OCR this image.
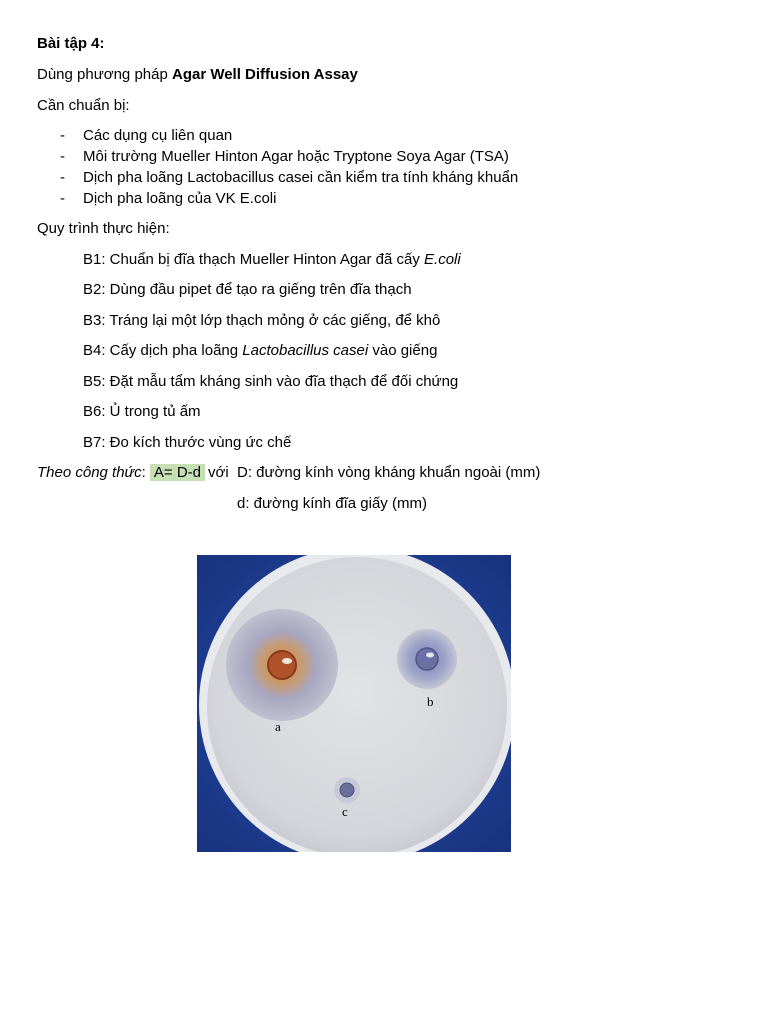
Bài tập 4:
Dùng phương pháp Agar Well Diffusion Assay
Cần chuẩn bị:
- Các dụng cụ liên quan
- Môi trường Mueller Hinton Agar hoặc Tryptone Soya Agar (TSA)
- Dịch pha loãng Lactobacillus casei cần kiểm tra tính kháng khuẩn
- Dịch pha loãng của VK E.coli
Quy trình thực hiện:
B1: Chuẩn bị đĩa thạch Mueller Hinton Agar đã cấy E.coli
B2: Dùng đầu pipet để tạo ra giếng trên đĩa thạch
B3: Tráng lại một lớp thạch mỏng ở các giếng, để khô
B4: Cấy dịch pha loãng Lactobacillus casei vào giếng
B5: Đặt mẫu tẩm kháng sinh vào đĩa thạch để đối chứng
B6: Ủ trong tủ ấm
B7: Đo kích thước vùng ức chế
Theo công thức: A= D-d với D: đường kính vòng kháng khuẩn ngoài (mm)
d: đường kính đĩa giấy (mm)
a
b
c
